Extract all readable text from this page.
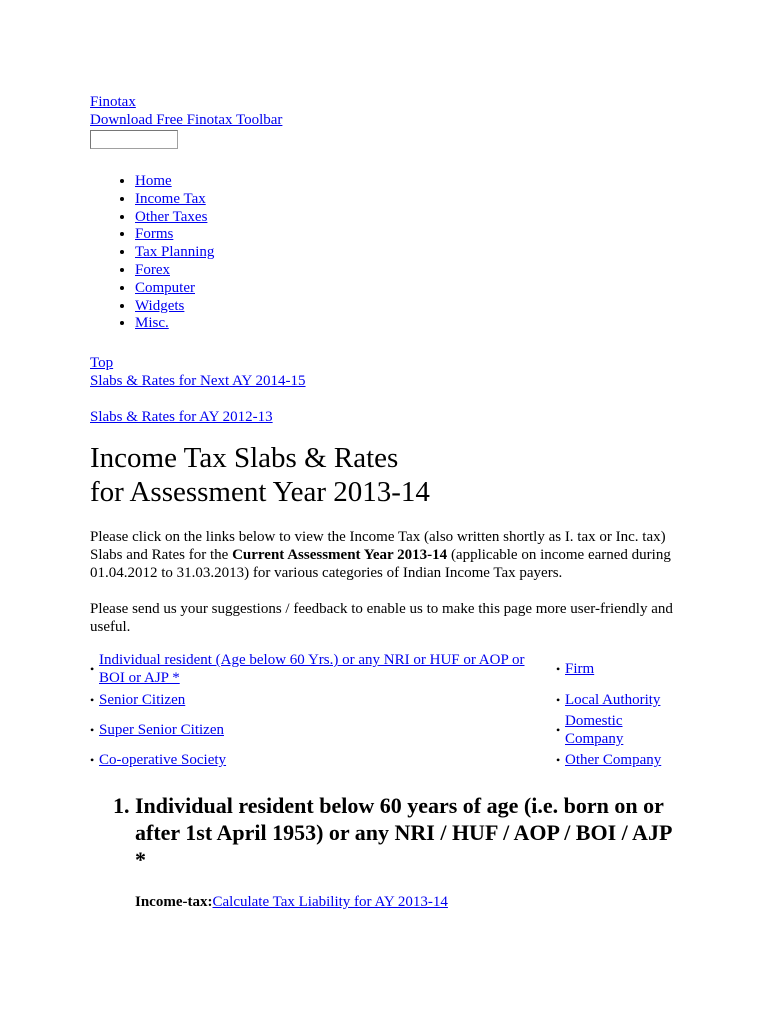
Finotax
Download Free Finotax Toolbar
• Home
• Income Tax
• Other Taxes
• Forms
• Tax Planning
• Forex
• Computer
• Widgets
• Misc.
Top
Slabs & Rates for Next AY 2014-15
Slabs & Rates for AY 2012-13
Income Tax Slabs & Rates
for Assessment Year 2013-14

Please click on the links below to view the Income Tax (also written shortly as I. tax or Inc. tax) Slabs and Rates for the Current Assessment Year 2013-14 (applicable on income earned during 01.04.2012 to 31.03.2013) for various categories of Indian Income Tax payers.

Please send us your suggestions / feedback to enable us to make this page more user-friendly and useful.

•
Individual resident (Age below 60 Yrs.) or any NRI or HUF or AOP or BOI or AJP *	• Firm

• Senior Citizen	• Local Authority

• Super Senior Citizen	•
Domestic Company

• Co-operative Society	• Other Company
1. Individual resident below 60 years of age (i.e. born on or after 1st April 1953) or any NRI / HUF / AOP / BOI / AJP *
Income-tax:Calculate Tax Liability for AY 2013-14
